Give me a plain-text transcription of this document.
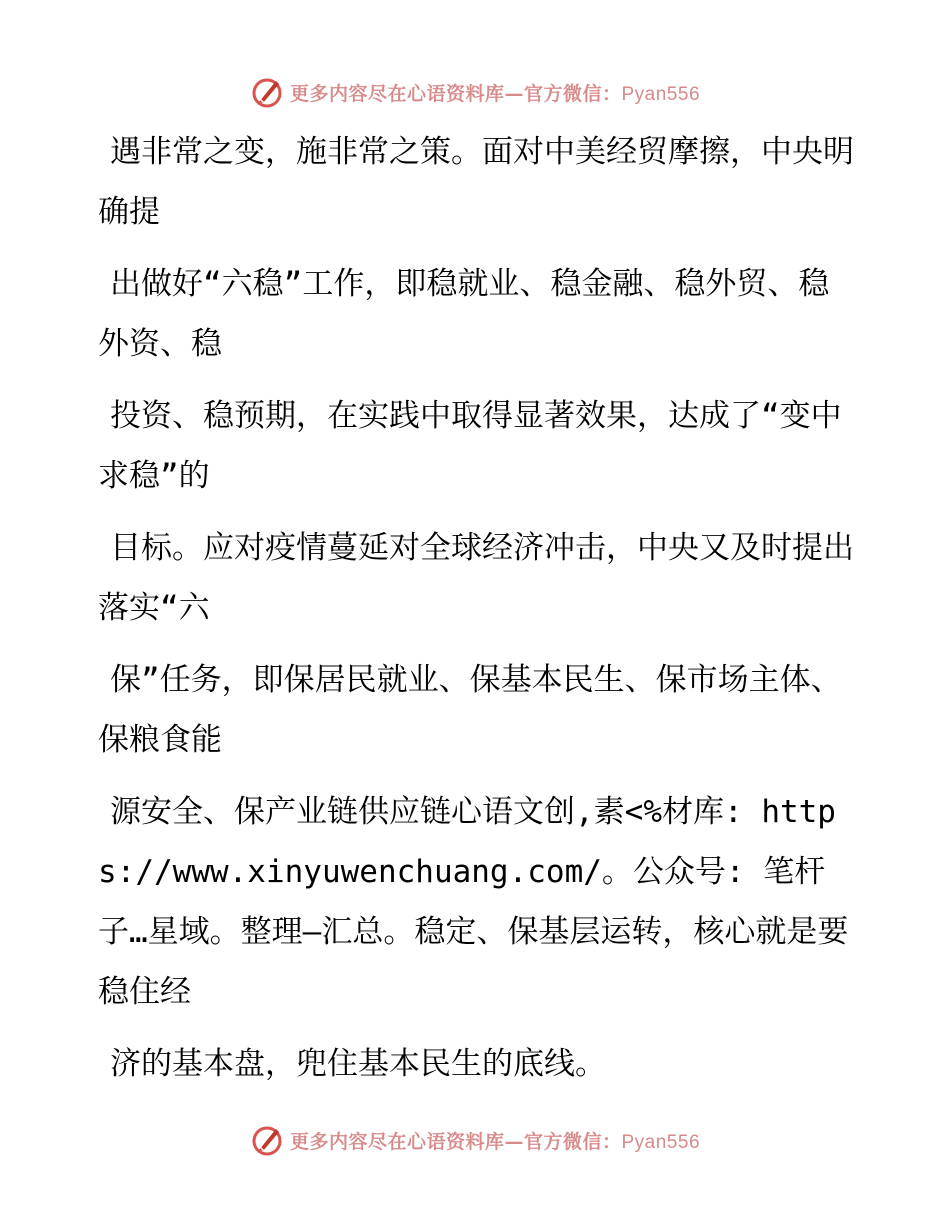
更多内容尽在心语资料库—官方微信：Pyan556

遇非常之变，施非常之策。面对中美经贸摩擦，中央明确提

出做好“六稳”工作，即稳就业、稳金融、稳外贸、稳外资、稳

投资、稳预期，在实践中取得显著效果，达成了“变中求稳”的

目标。应对疫情蔓延对全球经济冲击，中央又及时提出落实“六

保”任务，即保居民就业、保基本民生、保市场主体、保粮食能

源安全、保产业链供应链心语文创,素<%材库: https://www.xinyuwenchuang.com/。公众号: 笔杆子…星域。整理—汇总。稳定、保基层运转，核心就是要稳住经

济的基本盘，兜住基本民生的底线。

更多内容尽在心语资料库—官方微信：Pyan556
